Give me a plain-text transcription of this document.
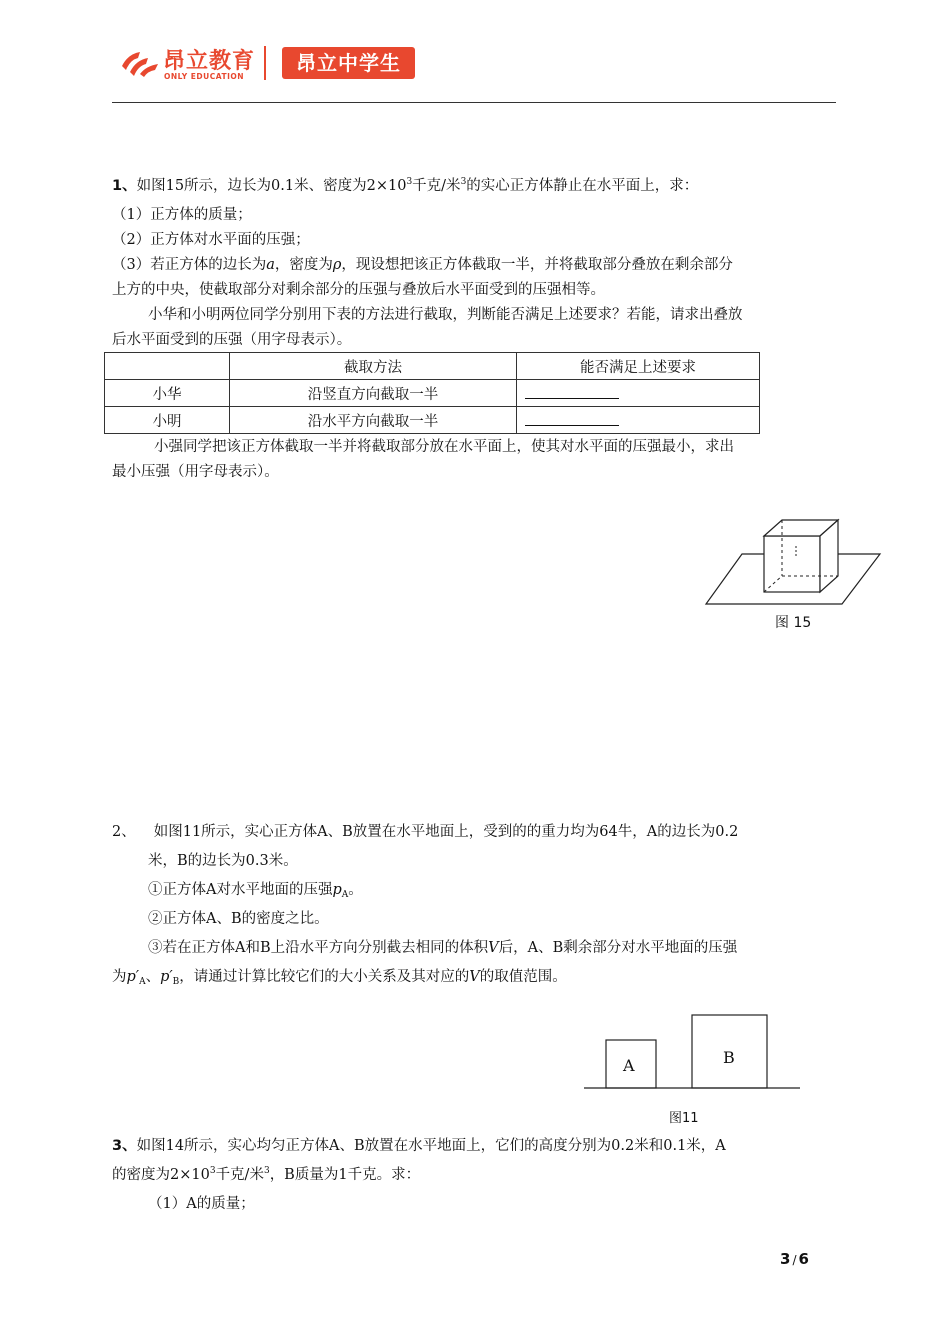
昂立教育
ONLY EDUCATION
昂立中学生
1、如图15所示，边长为0.1米、密度为$2\times 10^3$千克/米$^3$的实心正方体静止在水平面上，求：
（1）正方体的质量；
（2）正方体对水平面的压强；
（3）若正方体的边长为a，密度为ρ，现设想把该正方体截取一半，并将截取部分叠放在剩余部分
上方的中央，使截取部分对剩余部分的压强与叠放后水平面受到的压强相等。
小华和小明两位同学分别用下表的方法进行截取，判断能否满足上述要求？若能，请求出叠放
后水平面受到的压强（用字母表示）。
	截取方法	能否满足上述要求
小华	沿竖直方向截取一半	
小明	沿水平方向截取一半	
小强同学把该正方体截取一半并将截取部分放在水平面上，使其对水平面的压强最小，求出
最小压强（用字母表示）。
图 15
2、 如图11所示，实心正方体A、B放置在水平地面上，受到的的重力均为64牛，A的边长为0.2
米，B的边长为0.3米。
①正方体A对水平地面的压强$p_A$。
②正方体A、B的密度之比。
③若在正方体A和B上沿水平方向分别截去相同的体积V后，A、B剩余部分对水平地面的压强
为$p'_A$、$p'_B$，请通过计算比较它们的大小关系及其对应的V的取值范围。
A	B
图11
3、如图14所示，实心均匀正方体A、B放置在水平地面上，它们的高度分别为0.2米和0.1米，A
的密度为$2\times 10^3$千克/米$^3$，B质量为1千克。求：
（1）A的质量；
3 / 6
